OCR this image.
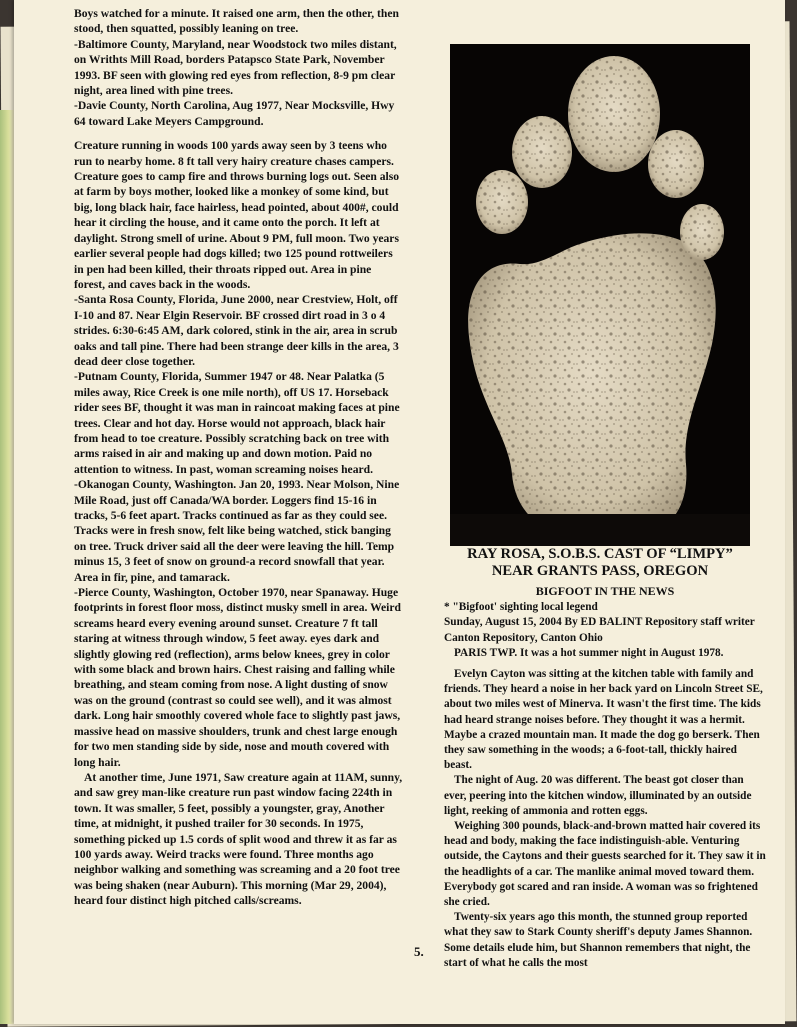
Boys watched for a minute. It raised one arm, then the other, then stood, then squatted, possibly leaning on tree.

-Baltimore County, Maryland, near Woodstock two miles distant, on Writhts Mill Road, borders Patapsco State Park, November 1993. BF seen with glowing red eyes from reflection, 8-9 pm clear night, area lined with pine trees.

-Davie County, North Carolina, Aug 1977, Near Mocksville, Hwy 64 toward Lake Meyers Campground.

Creature running in woods 100 yards away seen by 3 teens who run to nearby home. 8 ft tall very hairy creature chases campers. Creature goes to camp fire and throws burning logs out. Seen also at farm by boys mother, looked like a monkey of some kind, but big, long black hair, face hairless, head pointed, about 400#, could hear it circling the house, and it came onto the porch. It left at daylight. Strong smell of urine. About 9 PM, full moon. Two years earlier several people had dogs killed; two 125 pound rottweilers in pen had been killed, their throats ripped out. Area in pine forest, and caves back in the woods.

-Santa Rosa County, Florida, June 2000, near Crestview, Holt, off I-10 and 87. Near Elgin Reservoir. BF crossed dirt road in 3 o 4 strides. 6:30-6:45 AM, dark colored, stink in the air, area in scrub oaks and tall pine. There had been strange deer kills in the area, 3 dead deer close together.

-Putnam County, Florida, Summer 1947 or 48. Near Palatka (5 miles away, Rice Creek is one mile north), off US 17. Horseback rider sees BF, thought it was man in raincoat making faces at pine trees. Clear and hot day. Horse would not approach, black hair from head to toe creature. Possibly scratching back on tree with arms raised in air and making up and down motion. Paid no attention to witness. In past, woman screaming noises heard.

-Okanogan County, Washington. Jan 20, 1993. Near Molson, Nine Mile Road, just off Canada/WA border. Loggers find 15-16 in tracks, 5-6 feet apart. Tracks continued as far as they could see. Tracks were in fresh snow, felt like being watched, stick banging on tree. Truck driver said all the deer were leaving the hill. Temp minus 15, 3 feet of snow on ground-a record snowfall that year. Area in fir, pine, and tamarack.

-Pierce County, Washington, October 1970, near Spanaway. Huge footprints in forest floor moss, distinct musky smell in area. Weird screams heard every evening around sunset. Creature 7 ft tall staring at witness through window, 5 feet away. eyes dark and slightly glowing red (reflection), arms below knees, grey in color with some black and brown hairs. Chest raising and falling while breathing, and steam coming from nose. A light dusting of snow was on the ground (contrast so could see well), and it was almost dark. Long hair smoothly covered whole face to slightly past jaws, massive head on massive shoulders, trunk and chest large enough for two men standing side by side, nose and mouth covered with long hair.

At another time, June 1971, Saw creature again at 11AM, sunny, and saw grey man-like creature run past window facing 224th in town. It was smaller, 5 feet, possibly a youngster, gray, Another time, at midnight, it pushed trailer for 30 seconds. In 1975, something picked up 1.5 cords of split wood and threw it as far as 100 yards away. Weird tracks were found. Three months ago neighbor walking and something was screaming and a 20 foot tree was being shaken (near Auburn). This morning (Mar 29, 2004), heard four distinct high pitched calls/screams.

RAY ROSA, S.O.B.S. CAST OF “LIMPY”
NEAR GRANTS PASS, OREGON

BIGFOOT IN THE NEWS

* "Bigfoot' sighting local legend

Sunday, August 15, 2004 By ED BALINT Repository staff writer Canton Repository, Canton Ohio

PARIS TWP. It was a hot summer night in August 1978.

Evelyn Cayton was sitting at the kitchen table with family and friends. They heard a noise in her back yard on Lincoln Street SE, about two miles west of Minerva. It wasn't the first time. The kids had heard strange noises before. They thought it was a hermit. Maybe a crazed mountain man. It made the dog go berserk. Then they saw something in the woods; a 6-foot-tall, thickly haired beast.

The night of Aug. 20 was different. The beast got closer than ever, peering into the kitchen window, illuminated by an outside light, reeking of ammonia and rotten eggs.

Weighing 300 pounds, black-and-brown matted hair covered its head and body, making the face indistinguish-able. Venturing outside, the Caytons and their guests searched for it. They saw it in the headlights of a car. The manlike animal moved toward them. Everybody got scared and ran inside. A woman was so frightened she cried.

Twenty-six years ago this month, the stunned group reported what they saw to Stark County sheriff's deputy James Shannon. Some details elude him, but Shannon remembers that night, the start of what he calls the most

5.
